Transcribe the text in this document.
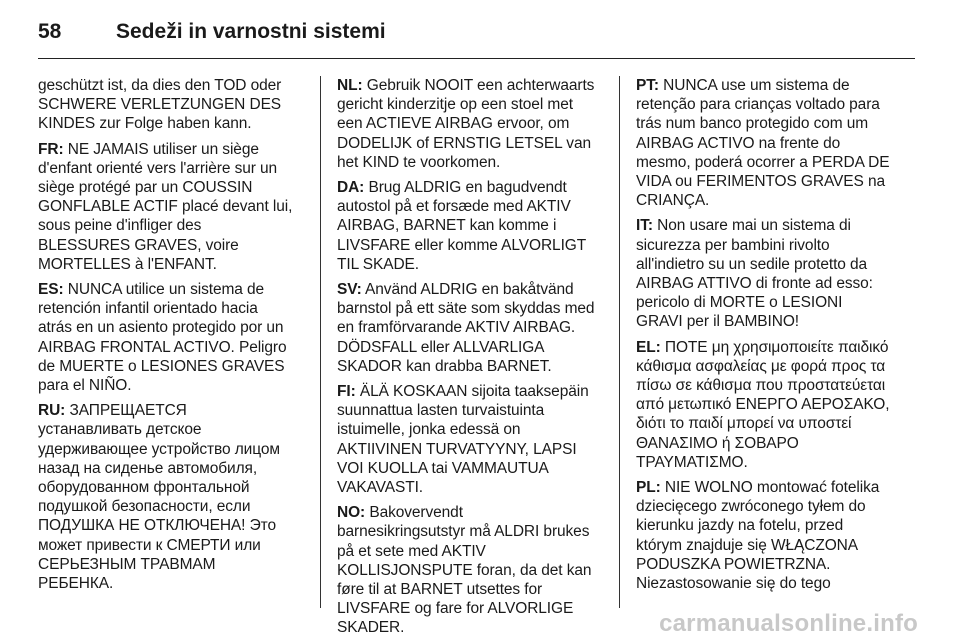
58	Sedeži in varnostni sistemi
geschützt ist, da dies den TOD oder
SCHWERE VERLETZUNGEN DES
KINDES zur Folge haben kann.
FR: NE JAMAIS utiliser un siège
d'enfant orienté vers l'arrière sur un
siège protégé par un COUSSIN
GONFLABLE ACTIF placé devant lui,
sous peine d'infliger des
BLESSURES GRAVES, voire
MORTELLES à l'ENFANT.
ES: NUNCA utilice un sistema de
retención infantil orientado hacia
atrás en un asiento protegido por un
AIRBAG FRONTAL ACTIVO. Peligro
de MUERTE o LESIONES GRAVES
para el NIÑO.
RU: ЗАПРЕЩАЕТСЯ
устанавливать детское
удерживающее устройство лицом
назад на сиденье автомобиля,
оборудованном фронтальной
подушкой безопасности, если
ПОДУШКА НЕ ОТКЛЮЧЕНА! Это
может привести к СМЕРТИ или
СЕРЬЕЗНЫМ ТРАВМАМ
РЕБЕНКА.
NL: Gebruik NOOIT een achterwaarts
gericht kinderzitje op een stoel met
een ACTIEVE AIRBAG ervoor, om
DODELIJK of ERNSTIG LETSEL van
het KIND te voorkomen.
DA: Brug ALDRIG en bagudvendt
autostol på et forsæde med AKTIV
AIRBAG, BARNET kan komme i
LIVSFARE eller komme ALVORLIGT
TIL SKADE.
SV: Använd ALDRIG en bakåtvänd
barnstol på ett säte som skyddas med
en framförvarande AKTIV AIRBAG.
DÖDSFALL eller ALLVARLIGA
SKADOR kan drabba BARNET.
FI: ÄLÄ KOSKAAN sijoita taaksepäin
suunnattua lasten turvaistuinta
istuimelle, jonka edessä on
AKTIIVINEN TURVATYYNY, LAPSI
VOI KUOLLA tai VAMMAUTUA
VAKAVASTI.
NO: Bakovervendt
barnesikringsutstyr må ALDRI brukes
på et sete med AKTIV
KOLLISJONSPUTE foran, da det kan
føre til at BARNET utsettes for
LIVSFARE og fare for ALVORLIGE
SKADER.
PT: NUNCA use um sistema de
retenção para crianças voltado para
trás num banco protegido com um
AIRBAG ACTIVO na frente do
mesmo, poderá ocorrer a PERDA DE
VIDA ou FERIMENTOS GRAVES na
CRIANÇA.
IT: Non usare mai un sistema di
sicurezza per bambini rivolto
all'indietro su un sedile protetto da
AIRBAG ATTIVO di fronte ad esso:
pericolo di MORTE o LESIONI
GRAVI per il BAMBINO!
EL: ΠΟΤΕ μη χρησιμοποιείτε παιδικό
κάθισμα ασφαλείας με φορά προς τα
πίσω σε κάθισμα που προστατεύεται
από μετωπικό ΕΝΕΡΓΟ ΑΕΡΟΣΑΚΟ,
διότι το παιδί μπορεί να υποστεί
ΘΑΝΑΣΙΜΟ ή ΣΟΒΑΡΟ
ΤΡΑΥΜΑΤΙΣΜΟ.
PL: NIE WOLNO montować fotelika
dziecięcego zwróconego tyłem do
kierunku jazdy na fotelu, przed
którym znajduje się WŁĄCZONA
PODUSZKA POWIETRZNA.
Niezastosowanie się do tego
carmanualsonline.info
